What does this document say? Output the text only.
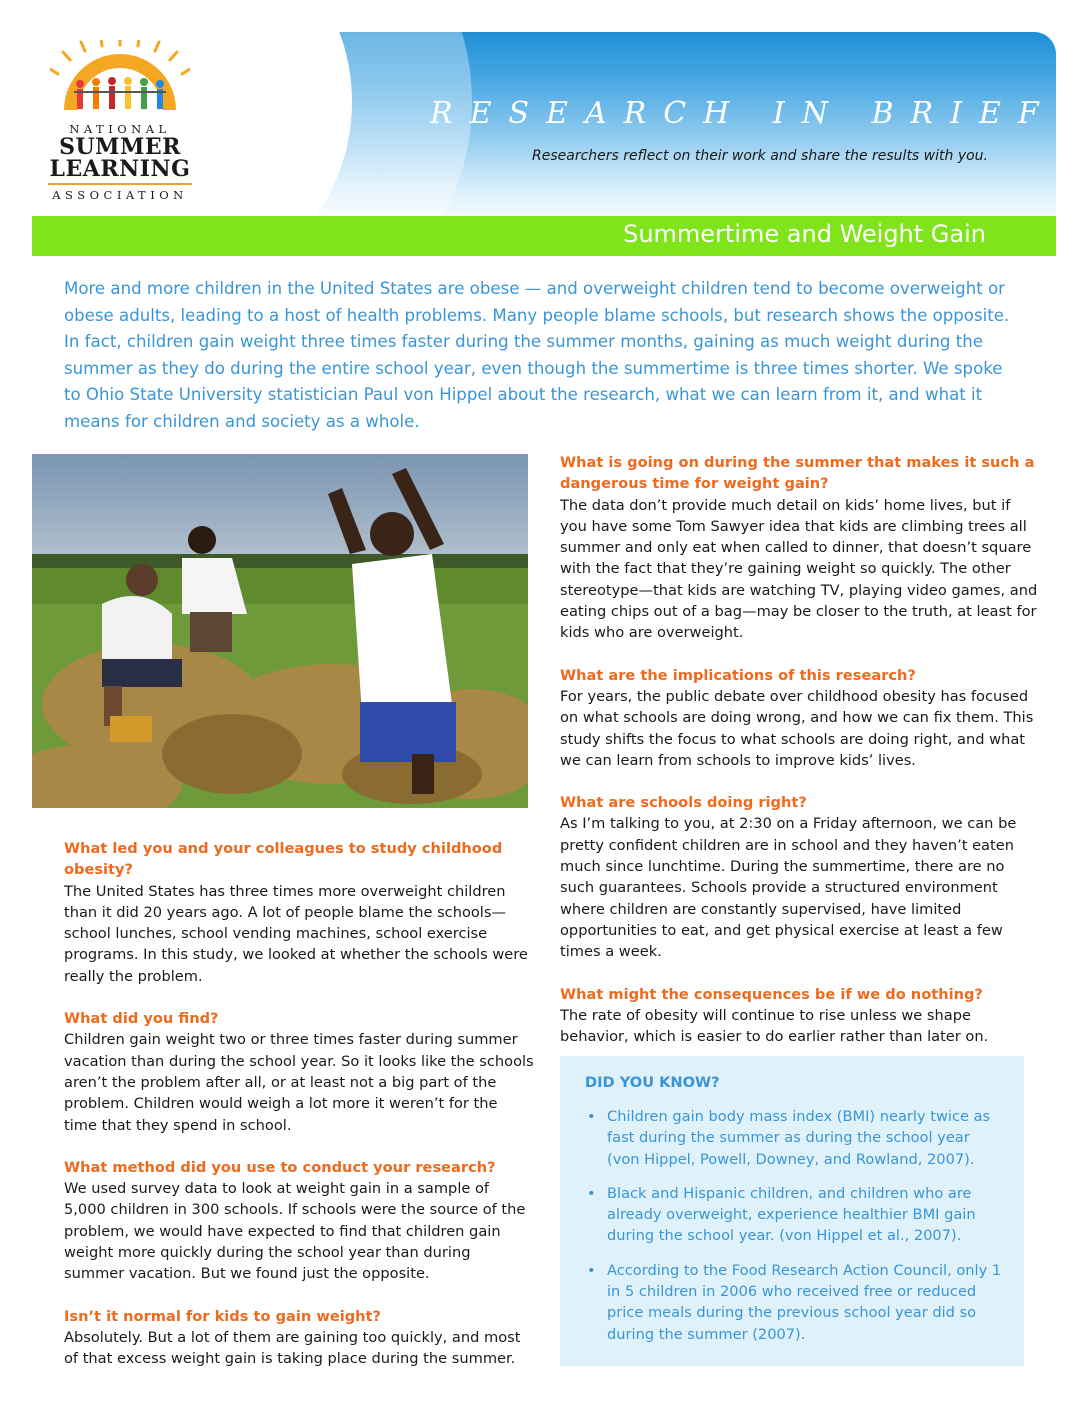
NATIONAL
SUMMER
LEARNING
ASSOCIATION
RESEARCH IN BRIEF
Researchers reflect on their work and share the results with you.
Summertime and Weight Gain
More and more children in the United States are obese — and overweight children tend to become overweight or obese adults, leading to a host of health problems. Many people blame schools, but research shows the opposite. In fact, children gain weight three times faster during the summer months, gaining as much weight during the summer as they do during the entire school year, even though the summertime is three times shorter. We spoke to Ohio State University statistician Paul von Hippel about the research, what we can learn from it, and what it means for children and society as a whole.
What led you and your colleagues to study childhood obesity?
The United States has three times more overweight children than it did 20 years ago. A lot of people blame the schools—school lunches, school vending machines, school exercise programs. In this study, we looked at whether the schools were really the problem.
What did you find?
Children gain weight two or three times faster during summer vacation than during the school year. So it looks like the schools aren’t the problem after all, or at least not a big part of the problem. Children would weigh a lot more it weren’t for the time that they spend in school.
What method did you use to conduct your research?
We used survey data to look at weight gain in a sample of 5,000 children in 300 schools. If schools were the source of the problem, we would have expected to find that children gain weight more quickly during the school year than during summer vacation. But we found just the opposite.
Isn’t it normal for kids to gain weight?
Absolutely. But a lot of them are gaining too quickly, and most of that excess weight gain is taking place during the summer.
What is going on during the summer that makes it such a dangerous time for weight gain?
The data don’t provide much detail on kids’ home lives, but if you have some Tom Sawyer idea that kids are climbing trees all summer and only eat when called to dinner, that doesn’t square with the fact that they’re gaining weight so quickly. The other stereotype—that kids are watching TV, playing video games, and eating chips out of a bag—may be closer to the truth, at least for kids who are overweight.
What are the implications of this research?
For years, the public debate over childhood obesity has focused on what schools are doing wrong, and how we can fix them. This study shifts the focus to what schools are doing right, and what we can learn from schools to improve kids’ lives.
What are schools doing right?
As I’m talking to you, at 2:30 on a Friday afternoon, we can be pretty confident children are in school and they haven’t eaten much since lunchtime. During the summertime, there are no such guarantees. Schools provide a structured environment where children are constantly supervised, have limited opportunities to eat, and get physical exercise at least a few times a week.
What might the consequences be if we do nothing?
The rate of obesity will continue to rise unless we shape behavior, which is easier to do earlier rather than later on.
DID YOU KNOW?
• Children gain body mass index (BMI) nearly twice as fast during the summer as during the school year (von Hippel, Powell, Downey, and Rowland, 2007).
• Black and Hispanic children, and children who are already overweight, experience healthier BMI gain during the school year. (von Hippel et al., 2007).
• According to the Food Research Action Council, only 1 in 5 children in 2006 who received free or reduced price meals during the previous school year did so during the summer (2007).
